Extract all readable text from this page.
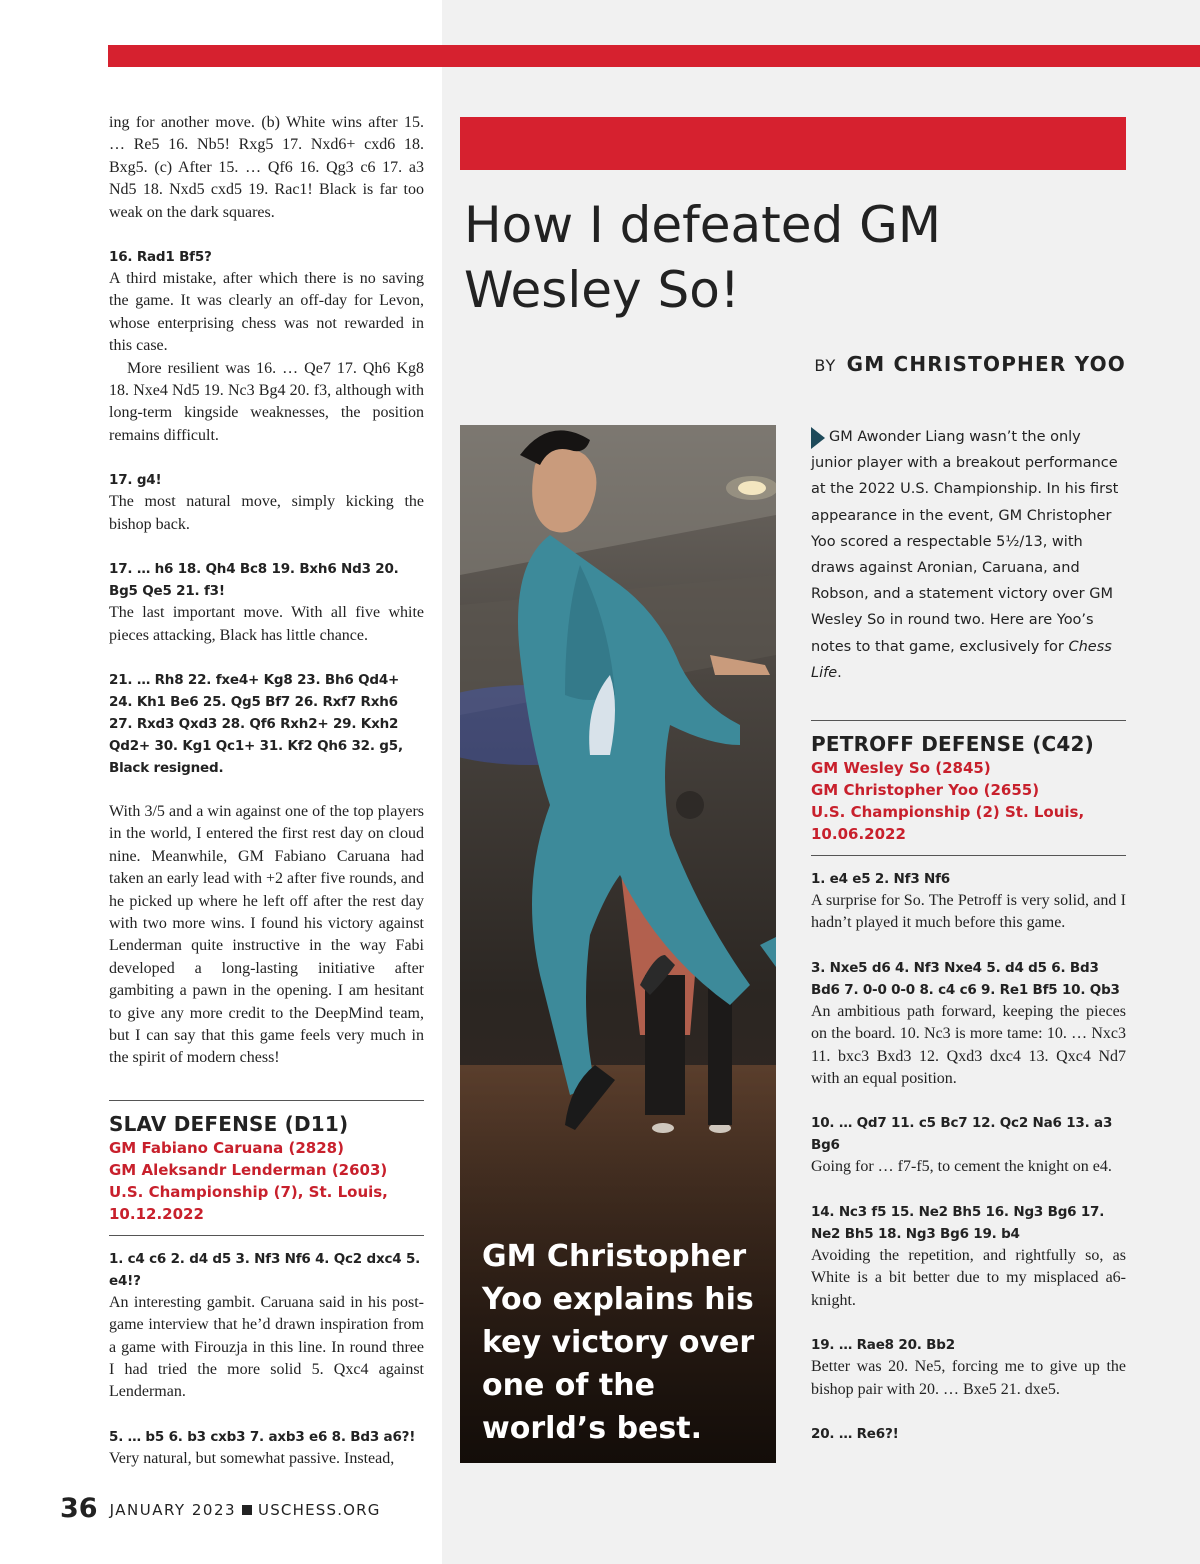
ing for another move. (b) White wins after 15. … Re5 16. Nb5! Rxg5 17. Nxd6+ cxd6 18. Bxg5. (c) After 15. … Qf6 16. Qg3 c6 17. a3 Nd5 18. Nxd5 cxd5 19. Rac1! Black is far too weak on the dark squares.

16. Rad1 Bf5?

A third mistake, after which there is no saving the game. It was clearly an off-day for Levon, whose enterprising chess was not rewarded in this case.

More resilient was 16. … Qe7 17. Qh6 Kg8 18. Nxe4 Nd5 19. Nc3 Bg4 20. f3, although with long-term kingside weaknesses, the position remains difficult.

17. g4!

The most natural move, simply kicking the bishop back.

17. … h6 18. Qh4 Bc8 19. Bxh6 Nd3 20. Bg5 Qe5 21. f3!

The last important move. With all five white pieces attacking, Black has little chance.

21. … Rh8 22. fxe4+ Kg8 23. Bh6 Qd4+ 24. Kh1 Be6 25. Qg5 Bf7 26. Rxf7 Rxh6 27. Rxd3 Qxd3 28. Qf6 Rxh2+ 29. Kxh2 Qd2+ 30. Kg1 Qc1+ 31. Kf2 Qh6 32. g5, Black resigned.

With 3/5 and a win against one of the top players in the world, I entered the first rest day on cloud nine. Meanwhile, GM Fabiano Caruana had taken an early lead with +2 after five rounds, and he picked up where he left off after the rest day with two more wins. I found his victory against Lenderman quite instructive in the way Fabi developed a long-lasting initiative after gambiting a pawn in the opening. I am hesitant to give any more credit to the DeepMind team, but I can say that this game feels very much in the spirit of modern chess!

SLAV DEFENSE (D11)

GM Fabiano Caruana (2828)

GM Aleksandr Lenderman (2603)

U.S. Championship (7), St. Louis,

10.12.2022

1. c4 c6 2. d4 d5 3. Nf3 Nf6 4. Qc2 dxc4 5. e4!?

An interesting gambit. Caruana said in his post-game interview that he’d drawn inspiration from a game with Firouzja in this line. In round three I had tried the more solid 5. Qxc4 against Lenderman.

5. … b5 6. b3 cxb3 7. axb3 e6 8. Bd3 a6?!

Very natural, but somewhat passive. Instead,

How I defeated GM
Wesley So!

BY GM CHRISTOPHER YOO

GM Christopher Yoo explains his key victory over one of the world’s best.

GM Awonder Liang wasn’t the only junior player with a breakout performance at the 2022 U.S. Championship. In his first appearance in the event, GM Christopher Yoo scored a respectable 5½/13, with draws against Aronian, Caruana, and Robson, and a statement victory over GM Wesley So in round two. Here are Yoo’s notes to that game, exclusively for Chess Life.

PETROFF DEFENSE (C42)

GM Wesley So (2845)

GM Christopher Yoo (2655)

U.S. Championship (2) St. Louis,

10.06.2022

1. e4 e5 2. Nf3 Nf6

A surprise for So. The Petroff is very solid, and I hadn’t played it much before this game.

3. Nxe5 d6 4. Nf3 Nxe4 5. d4 d5 6. Bd3 Bd6 7. 0-0 0-0 8. c4 c6 9. Re1 Bf5 10. Qb3

An ambitious path forward, keeping the pieces on the board. 10. Nc3 is more tame: 10. … Nxc3 11. bxc3 Bxd3 12. Qxd3 dxc4 13. Qxc4 Nd7 with an equal position.

10. … Qd7 11. c5 Bc7 12. Qc2 Na6 13. a3 Bg6

Going for … f7-f5, to cement the knight on e4.

14. Nc3 f5 15. Ne2 Bh5 16. Ng3 Bg6 17. Ne2 Bh5 18. Ng3 Bg6 19. b4

Avoiding the repetition, and rightfully so, as White is a bit better due to my misplaced a6-knight.

19. … Rae8 20. Bb2

Better was 20. Ne5, forcing me to give up the bishop pair with 20. … Bxe5 21. dxe5.

20. … Re6?!

36 JANUARY 2023 USCHESS.ORG
